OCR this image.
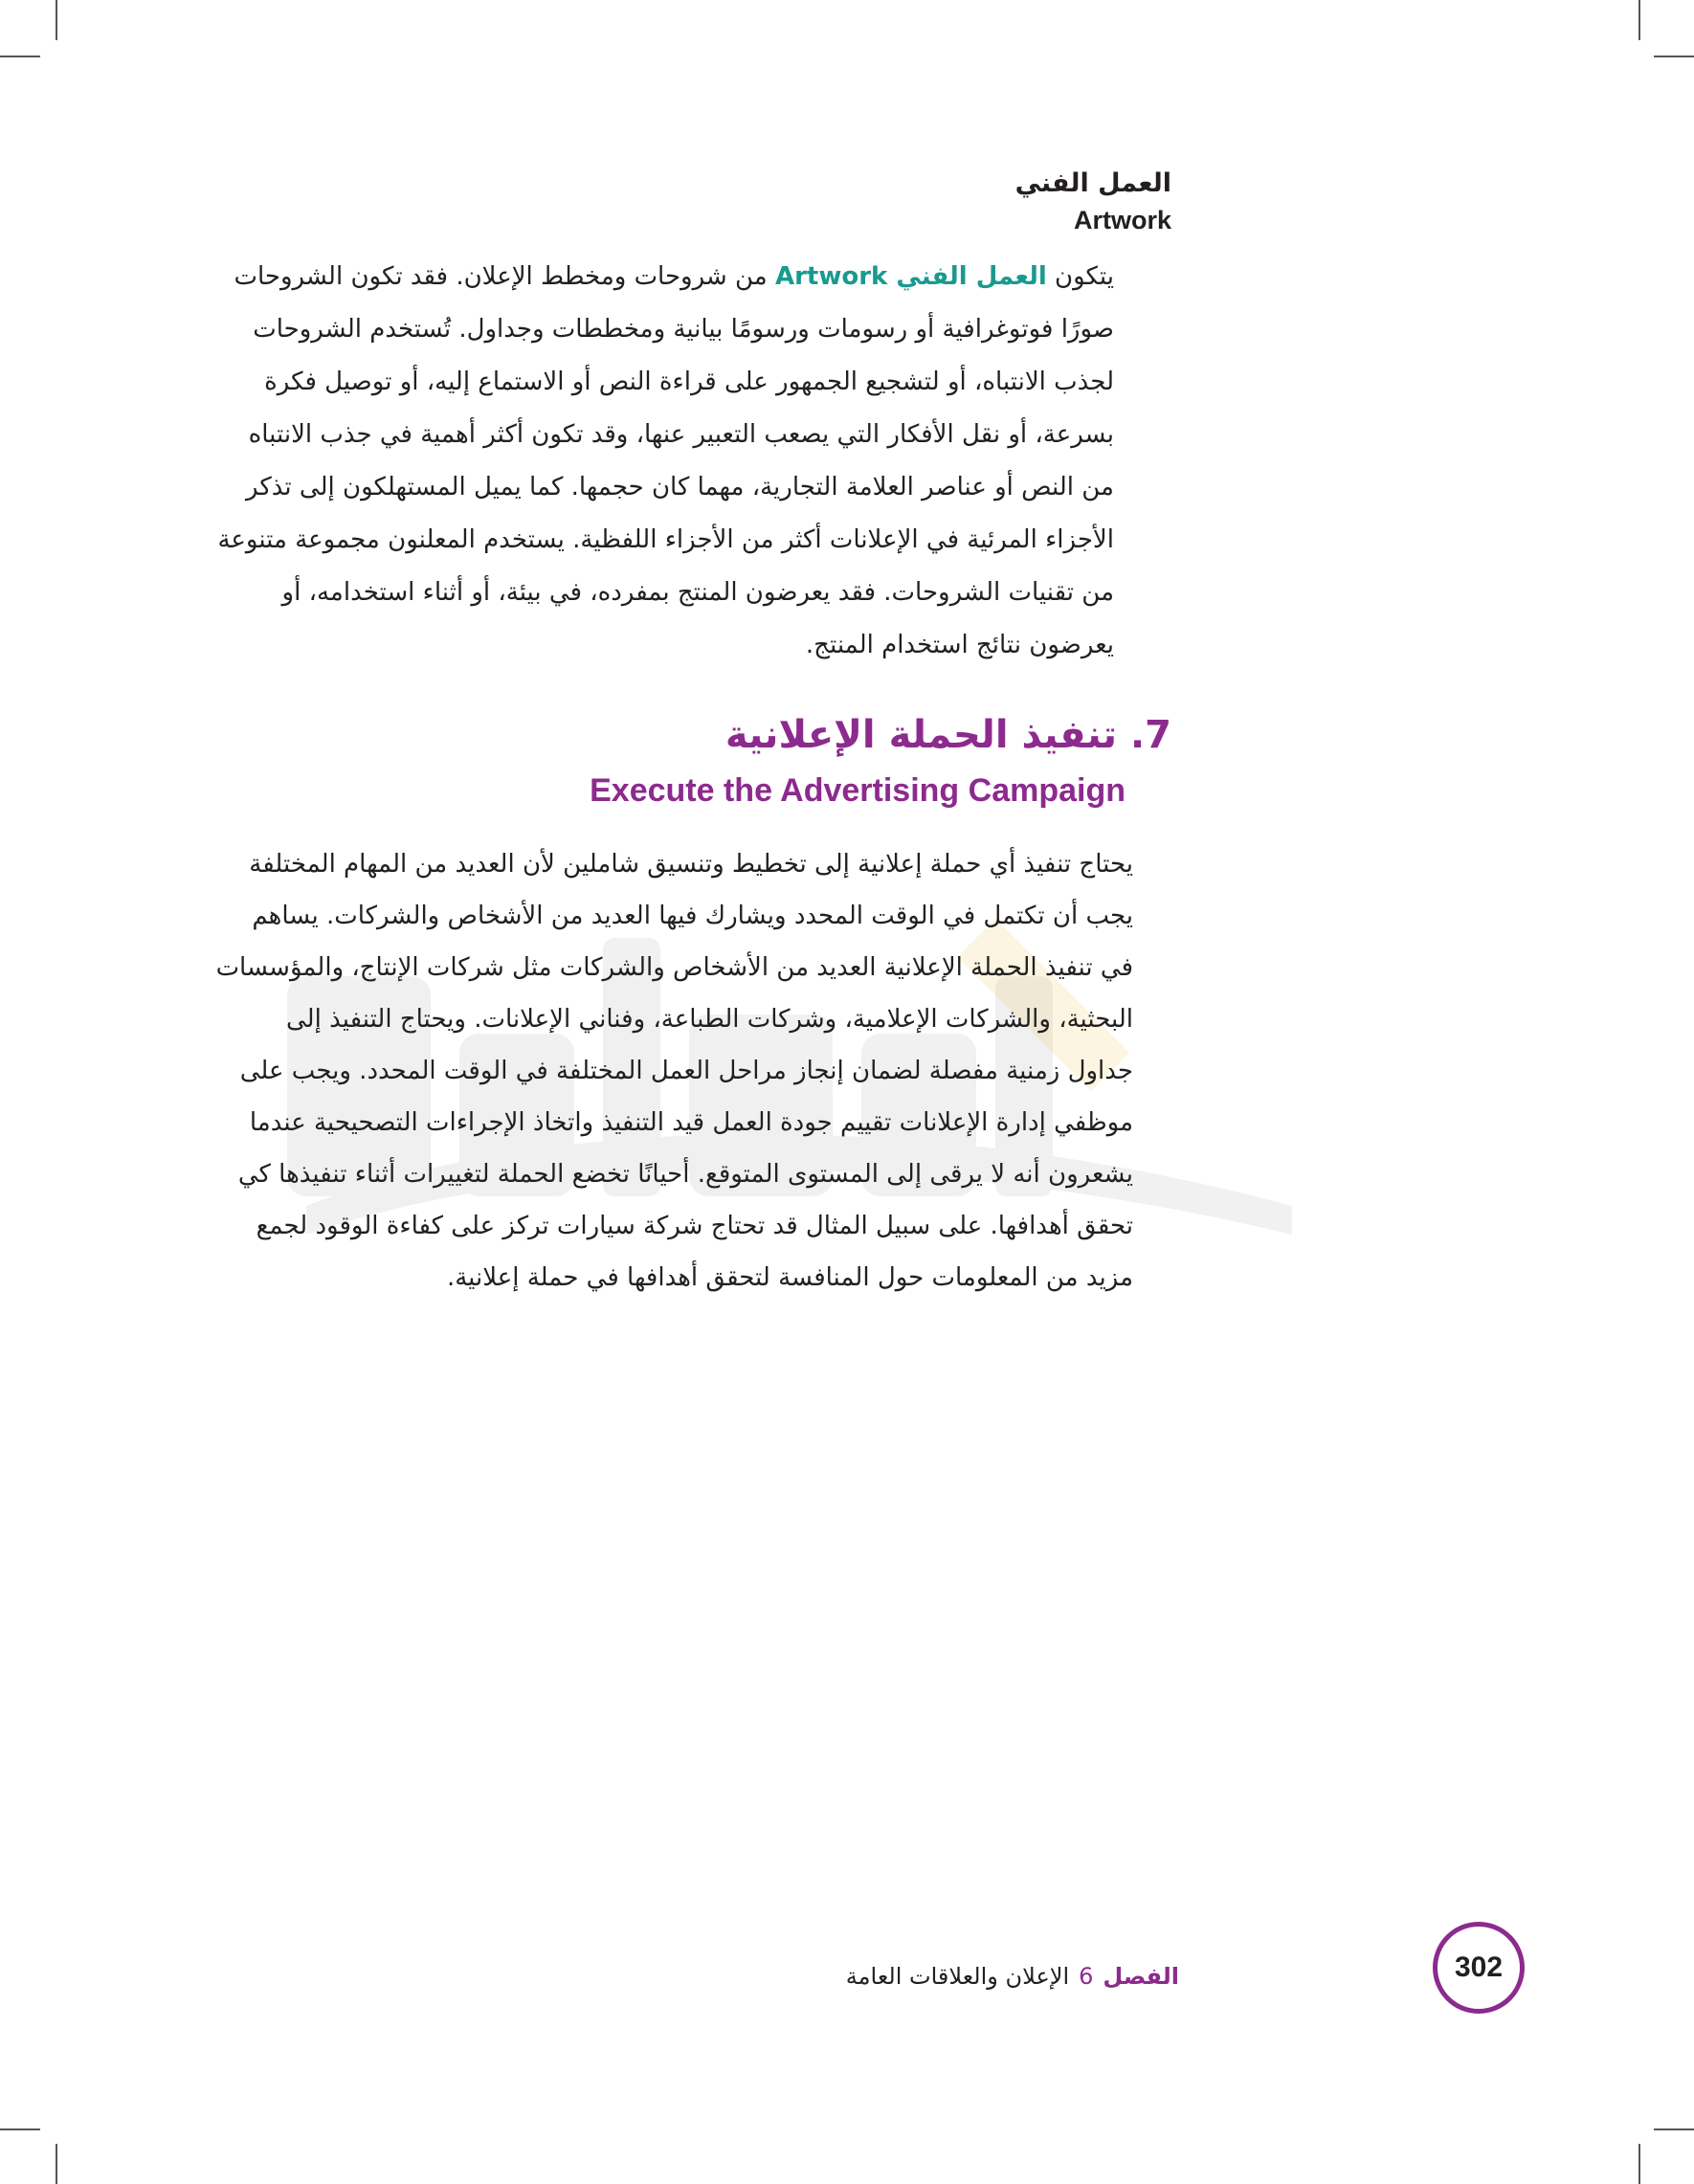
العمل الفني
Artwork

يتكون العمل الفني Artwork من شروحات ومخطط الإعلان. فقد تكون الشروحات صورًا فوتوغرافية أو رسومات ورسومًا بيانية ومخططات وجداول. تُستخدم الشروحات لجذب الانتباه، أو لتشجيع الجمهور على قراءة النص أو الاستماع إليه، أو توصيل فكرة بسرعة، أو نقل الأفكار التي يصعب التعبير عنها، وقد تكون أكثر أهمية في جذب الانتباه من النص أو عناصر العلامة التجارية، مهما كان حجمها. كما يميل المستهلكون إلى تذكر الأجزاء المرئية في الإعلانات أكثر من الأجزاء اللفظية. يستخدم المعلنون مجموعة متنوعة من تقنيات الشروحات. فقد يعرضون المنتج بمفرده، في بيئة، أو أثناء استخدامه، أو يعرضون نتائج استخدام المنتج.

7. تنفيذ الحملة الإعلانية
Execute the Advertising Campaign

يحتاج تنفيذ أي حملة إعلانية إلى تخطيط وتنسيق شاملين لأن العديد من المهام المختلفة يجب أن تكتمل في الوقت المحدد ويشارك فيها العديد من الأشخاص والشركات. يساهم في تنفيذ الحملة الإعلانية العديد من الأشخاص والشركات مثل شركات الإنتاج، والمؤسسات البحثية، والشركات الإعلامية، وشركات الطباعة، وفناني الإعلانات. ويحتاج التنفيذ إلى جداول زمنية مفصلة لضمان إنجاز مراحل العمل المختلفة في الوقت المحدد. ويجب على موظفي إدارة الإعلانات تقييم جودة العمل قيد التنفيذ واتخاذ الإجراءات التصحيحية عندما يشعرون أنه لا يرقى إلى المستوى المتوقع. أحيانًا تخضع الحملة لتغييرات أثناء تنفيذها كي تحقق أهدافها. على سبيل المثال قد تحتاج شركة سيارات تركز على كفاءة الوقود لجمع مزيد من المعلومات حول المنافسة لتحقق أهدافها في حملة إعلانية.

الفصل6الإعلان والعلاقات العامة	302
